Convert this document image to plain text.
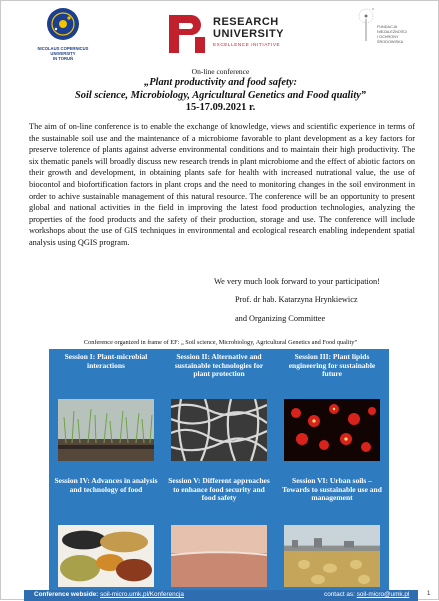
NICOLAUS COPERNICUS
UNIVERSITY
IN TORUŃ
RESEARCH
UNIVERSITY
EXCELLENCE INITIATIVE
FUNDACJA
NIEZALEŻNOŚCI
I OCHRONY ŚRODOWISKA
On-line conference
„Plant productivity and food safety:
Soil science, Microbiology, Agricultural Genetics and Food quality”
15-17.09.2021 r.
The aim of on-line conference is to enable the exchange of knowledge, views and scientific experience in terms of the sustainable soil use and the maintenance of a microbiome favorable to plant development as a key factors for preserve tolerence of plants against adverse environmental conditions and to maintain their high productivity. The six thematic panels will broadly discuss new research trends in plant microbiome and the effect of abiotic factors on their growth and development, in obtaining plants safe for health with increased nutrational value, the use of biocontol and biofortification factors in plant crops and the need to monitoring changes in the soil environment in order to achive sustainable management of this natural resource. The conference will be an opportunity to present global and national activities in the field in improving the latest food production technologies, analyzing the properties of the food products and the safety of their production, storage and use. The conference will include workshops about the use of GIS techniques in environmental and ecological research enabling independent spatial analysis using QGIS program.
We very much look forward to your participation!
Prof. dr hab. Katarzyna Hrynkiewicz
and Organizing Committee
Conference organized in frame of EF: „ Soil science, Microbiology, Agricultural Genetics and Food quality”
Session I: Plant-microbial interactions
Session II: Alternative and sustainable technologies for plant protection
Session III: Plant lipids engineering for sustainable future
Session IV: Advances in analysis and technology of food
Session V: Different approaches to enhance food security and food safety
Session VI: Urban soils – Towards to sustainable use and management
Conference webside: soil-micro.umk.pl/Konferencja	contact as: soil-micro@umk.pl	1
